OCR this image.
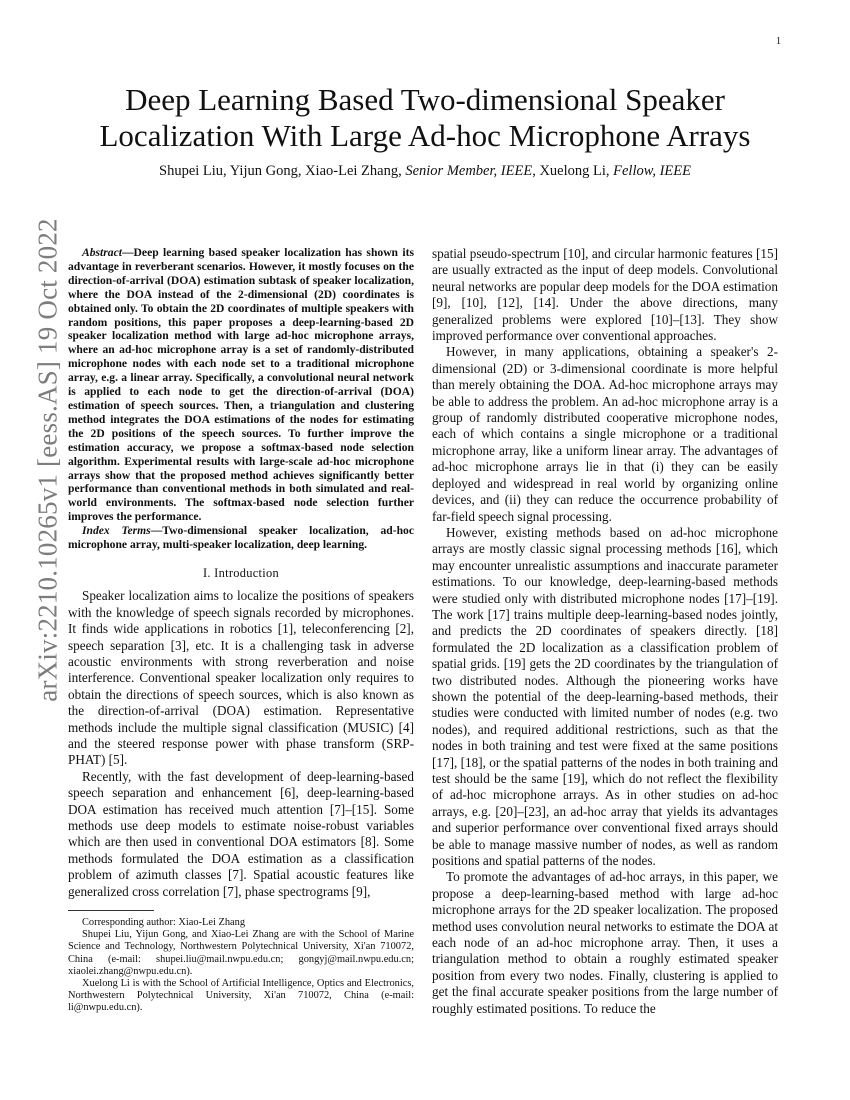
1
arXiv:2210.10265v1 [eess.AS] 19 Oct 2022
Deep Learning Based Two-dimensional Speaker
Localization With Large Ad-hoc Microphone Arrays
Shupei Liu, Yijun Gong, Xiao-Lei Zhang, Senior Member, IEEE, Xuelong Li, Fellow, IEEE

Abstract—Deep learning based speaker localization has shown its advantage in reverberant scenarios. However, it mostly focuses on the direction-of-arrival (DOA) estimation subtask of speaker localization, where the DOA instead of the 2-dimensional (2D) coordinates is obtained only. To obtain the 2D coordinates of multiple speakers with random positions, this paper proposes a deep-learning-based 2D speaker localization method with large ad-hoc microphone arrays, where an ad-hoc microphone array is a set of randomly-distributed microphone nodes with each node set to a traditional microphone array, e.g. a linear array. Specifically, a convolutional neural network is applied to each node to get the direction-of-arrival (DOA) estimation of speech sources. Then, a triangulation and clustering method integrates the DOA estimations of the nodes for estimating the 2D positions of the speech sources. To further improve the estimation accuracy, we propose a softmax-based node selection algorithm. Experimental results with large-scale ad-hoc microphone arrays show that the proposed method achieves significantly better performance than conventional methods in both simulated and real-world environments. The softmax-based node selection further improves the performance.

Index Terms—Two-dimensional speaker localization, ad-hoc microphone array, multi-speaker localization, deep learning.

I. Introduction

Speaker localization aims to localize the positions of speakers with the knowledge of speech signals recorded by microphones. It finds wide applications in robotics [1], teleconferencing [2], speech separation [3], etc. It is a challenging task in adverse acoustic environments with strong reverberation and noise interference. Conventional speaker localization only requires to obtain the directions of speech sources, which is also known as the direction-of-arrival (DOA) estimation. Representative methods include the multiple signal classification (MUSIC) [4] and the steered response power with phase transform (SRP-PHAT) [5].

Recently, with the fast development of deep-learning-based speech separation and enhancement [6], deep-learning-based DOA estimation has received much attention [7]–[15]. Some methods use deep models to estimate noise-robust variables which are then used in conventional DOA estimators [8]. Some methods formulated the DOA estimation as a classification problem of azimuth classes [7]. Spatial acoustic features like generalized cross correlation [7], phase spectrograms [9],

Corresponding author: Xiao-Lei Zhang

Shupei Liu, Yijun Gong, and Xiao-Lei Zhang are with the School of Marine Science and Technology, Northwestern Polytechnical University, Xi'an 710072, China (e-mail: shupei.liu@mail.nwpu.edu.cn; gongyj@mail.nwpu.edu.cn; xiaolei.zhang@nwpu.edu.cn).

Xuelong Li is with the School of Artificial Intelligence, Optics and Electronics, Northwestern Polytechnical University, Xi'an 710072, China (e-mail: li@nwpu.edu.cn).

spatial pseudo-spectrum [10], and circular harmonic features [15] are usually extracted as the input of deep models. Convolutional neural networks are popular deep models for the DOA estimation [9], [10], [12], [14]. Under the above directions, many generalized problems were explored [10]–[13]. They show improved performance over conventional approaches.

However, in many applications, obtaining a speaker's 2-dimensional (2D) or 3-dimensional coordinate is more helpful than merely obtaining the DOA. Ad-hoc microphone arrays may be able to address the problem. An ad-hoc microphone array is a group of randomly distributed cooperative microphone nodes, each of which contains a single microphone or a traditional microphone array, like a uniform linear array. The advantages of ad-hoc microphone arrays lie in that (i) they can be easily deployed and widespread in real world by organizing online devices, and (ii) they can reduce the occurrence probability of far-field speech signal processing.

However, existing methods based on ad-hoc microphone arrays are mostly classic signal processing methods [16], which may encounter unrealistic assumptions and inaccurate parameter estimations. To our knowledge, deep-learning-based methods were studied only with distributed microphone nodes [17]–[19]. The work [17] trains multiple deep-learning-based nodes jointly, and predicts the 2D coordinates of speakers directly. [18] formulated the 2D localization as a classification problem of spatial grids. [19] gets the 2D coordinates by the triangulation of two distributed nodes. Although the pioneering works have shown the potential of the deep-learning-based methods, their studies were conducted with limited number of nodes (e.g. two nodes), and required additional restrictions, such as that the nodes in both training and test were fixed at the same positions [17], [18], or the spatial patterns of the nodes in both training and test should be the same [19], which do not reflect the flexibility of ad-hoc microphone arrays. As in other studies on ad-hoc arrays, e.g. [20]–[23], an ad-hoc array that yields its advantages and superior performance over conventional fixed arrays should be able to manage massive number of nodes, as well as random positions and spatial patterns of the nodes.

To promote the advantages of ad-hoc arrays, in this paper, we propose a deep-learning-based method with large ad-hoc microphone arrays for the 2D speaker localization. The proposed method uses convolution neural networks to estimate the DOA at each node of an ad-hoc microphone array. Then, it uses a triangulation method to obtain a roughly estimated speaker position from every two nodes. Finally, clustering is applied to get the final accurate speaker positions from the large number of roughly estimated positions. To reduce the
